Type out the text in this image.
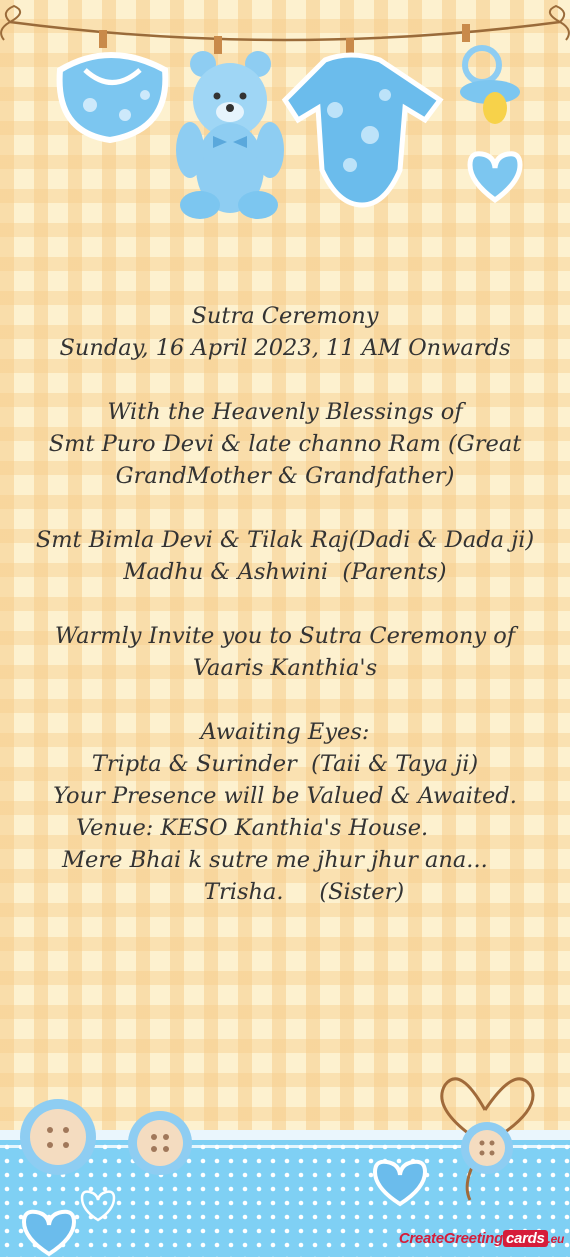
Sutra Ceremony
Sunday, 16 April 2023, 11 AM Onwards
With the Heavenly Blessings of
Smt Puro Devi & late channo Ram (Great
GrandMother & Grandfather)
Smt Bimla Devi & Tilak Raj(Dadi & Dada ji)
Madhu & Ashwini  (Parents)
Warmly Invite you to Sutra Ceremony of
Vaaris Kanthia's
Awaiting Eyes:
Tripta & Surinder  (Taii & Taya ji)
Your Presence will be Valued & Awaited.
Venue: KESO Kanthia's House.
Mere Bhai k sutre me jhur jhur ana...
Trisha.     (Sister)
CreateGreeting cards .eu
